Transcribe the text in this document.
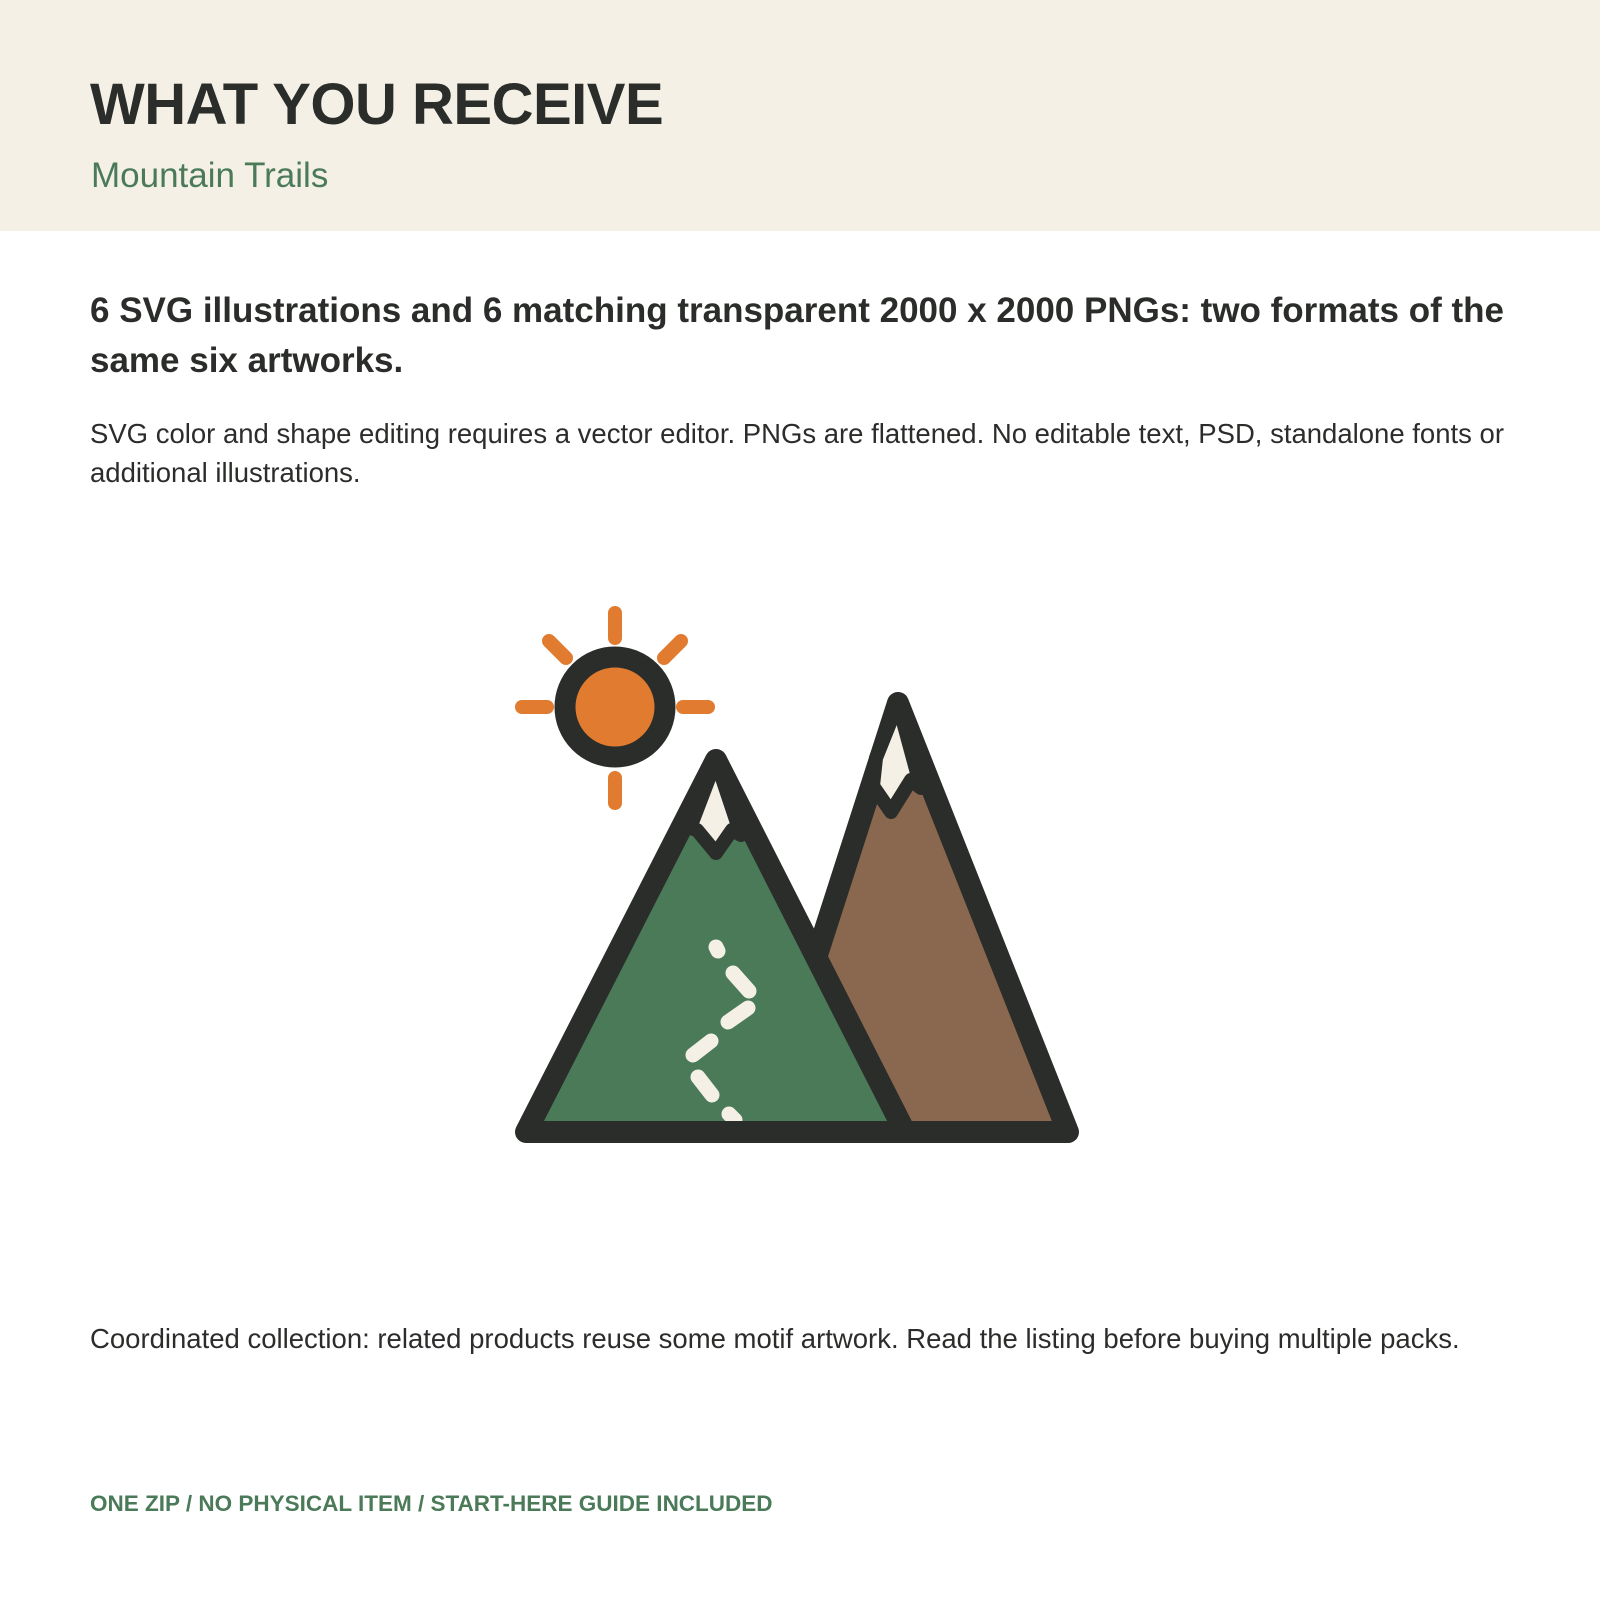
WHAT YOU RECEIVE

Mountain Trails

6 SVG illustrations and 6 matching transparent 2000 x 2000 PNGs: two formats of the same six artworks.

SVG color and shape editing requires a vector editor. PNGs are flattened. No editable text, PSD, standalone fonts or additional illustrations.

Coordinated collection: related products reuse some motif artwork. Read the listing before buying multiple packs.

ONE ZIP / NO PHYSICAL ITEM / START-HERE GUIDE INCLUDED
